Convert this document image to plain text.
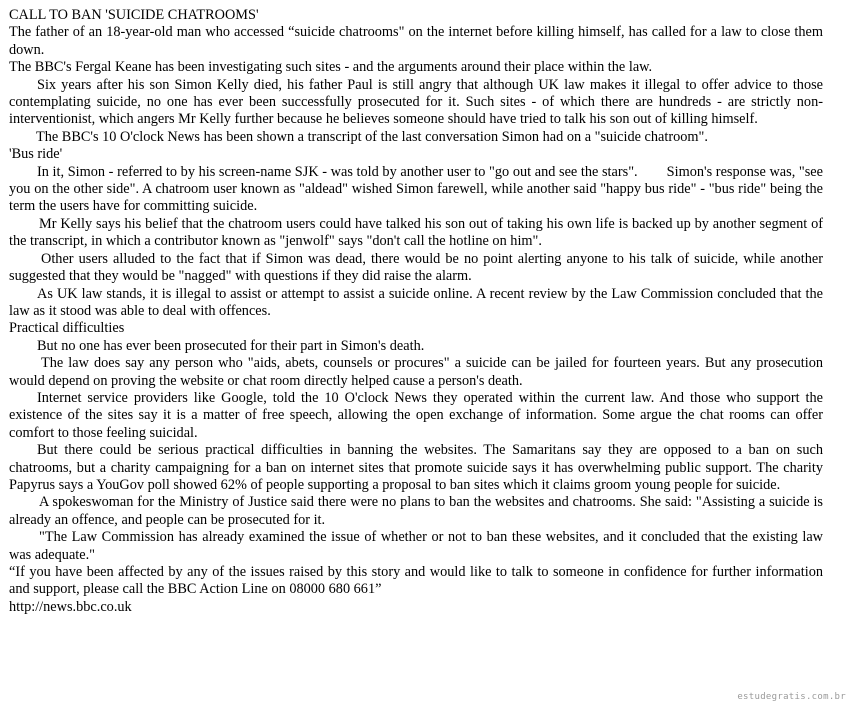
CALL TO BAN 'SUICIDE CHATROOMS'

The father of an 18-year-old man who accessed “suicide chatrooms" on the internet before killing himself, has called for a law to close them down.

The BBC's Fergal Keane has been investigating such sites - and the arguments around their place within the law.

Six years after his son Simon Kelly died, his father Paul is still angry that although UK law makes it illegal to offer advice to those contemplating suicide, no one has ever been successfully prosecuted for it. Such sites - of which there are hundreds - are strictly non-interventionist, which angers Mr Kelly further because he believes someone should have tried to talk his son out of killing himself.

The BBC's 10 O'clock News has been shown a transcript of the last conversation Simon had on a "suicide chatroom".

'Bus ride'

In it, Simon - referred to by his screen-name SJK - was told by another user to "go out and see the stars".        Simon's response was, "see you on the other side". A chatroom user known as "aldead" wished Simon farewell, while another said "happy bus ride" - "bus ride" being the term the users have for committing suicide.

Mr Kelly says his belief that the chatroom users could have talked his son out of taking his own life is backed up by another segment of the transcript, in which a contributor known as "jenwolf" says "don't call the hotline on him".

Other users alluded to the fact that if Simon was dead, there would be no point alerting anyone to his talk of suicide, while another suggested that they would be "nagged" with questions if they did raise the alarm.

As UK law stands, it is illegal to assist or attempt to assist a suicide online. A recent review by the Law Commission concluded that the law as it stood was able to deal with offences.

Practical difficulties

But no one has ever been prosecuted for their part in Simon's death.

The law does say any person who "aids, abets, counsels or procures" a suicide can be jailed for fourteen years. But any prosecution would depend on proving the website or chat room directly helped cause a person's death.

Internet service providers like Google, told the 10 O'clock News they operated within the current law. And those who support the existence of the sites say it is a matter of free speech, allowing the open exchange of information. Some argue the chat rooms can offer comfort to those feeling suicidal.

But there could be serious practical difficulties in banning the websites. The Samaritans say they are opposed to a ban on such chatrooms, but a charity campaigning for a ban on internet sites that promote suicide says it has overwhelming public support. The charity Papyrus says a YouGov poll showed 62% of people supporting a proposal to ban sites which it claims groom young people for suicide.

A spokeswoman for the Ministry of Justice said there were no plans to ban the websites and chatrooms. She said: "Assisting a suicide is already an offence, and people can be prosecuted for it.

"The Law Commission has already examined the issue of whether or not to ban these websites, and it concluded that the existing law was adequate."

“If you have been affected by any of the issues raised by this story and would like to talk to someone in confidence for further information and support, please call the BBC Action Line on 08000 680 661”

http://news.bbc.co.uk

estudegratis.com.br
